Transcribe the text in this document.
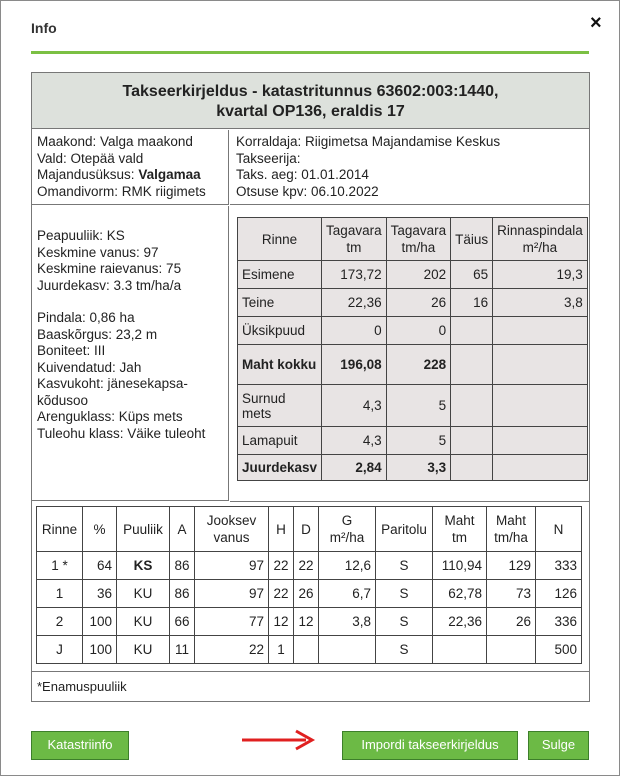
Info	×
Takseerkirjeldus - katastritunnus 63602:003:1440,
kvartal OP136, eraldis 17
Maakond: Valga maakond
Vald: Otepää vald
Majandusüksus: Valgamaa
Omandivorm: RMK riigimets
Korraldaja: Riigimetsa Majandamise Keskus
Takseerija:
Taks. aeg: 01.01.2014
Otsuse kpv: 06.10.2022
Peapuuliik: KS
Keskmine vanus: 97
Keskmine raievanus: 75
Juurdekasv: 3.3 tm/ha/a
Pindala: 0,86 ha
Baaskõrgus: 23,2 m
Boniteet: III
Kuivendatud: Jah
Kasvukoht: jänesekapsa-kõdusoo
Arenguklass: Küps mets
Tuleohu klass: Väike tuleoht
Rinne	Tagavara tm	Tagavara tm/ha	Täius	Rinnaspindala m²/ha
Esimene	173,72	202	65	19,3
Teine	22,36	26	16	3,8
Üksikpuud	0	0		
Maht kokku	196,08	228		
Surnud mets	4,3	5		
Lamapuit	4,3	5		
Juurdekasv	2,84	3,3		
Rinne	%	Puuliik	A	Jooksev vanus	H	D	G m²/ha	Paritolu	Maht tm	Maht tm/ha	N
1 *	64	KS	86	97	22	22	12,6	S	110,94	129	333
1	36	KU	86	97	22	26	6,7	S	62,78	73	126
2	100	KU	66	77	12	12	3,8	S	22,36	26	336
J	100	KU	11	22	1			S			500
*Enamuspuuliik
Katastriinfo	Impordi takseerkirjeldus	Sulge
